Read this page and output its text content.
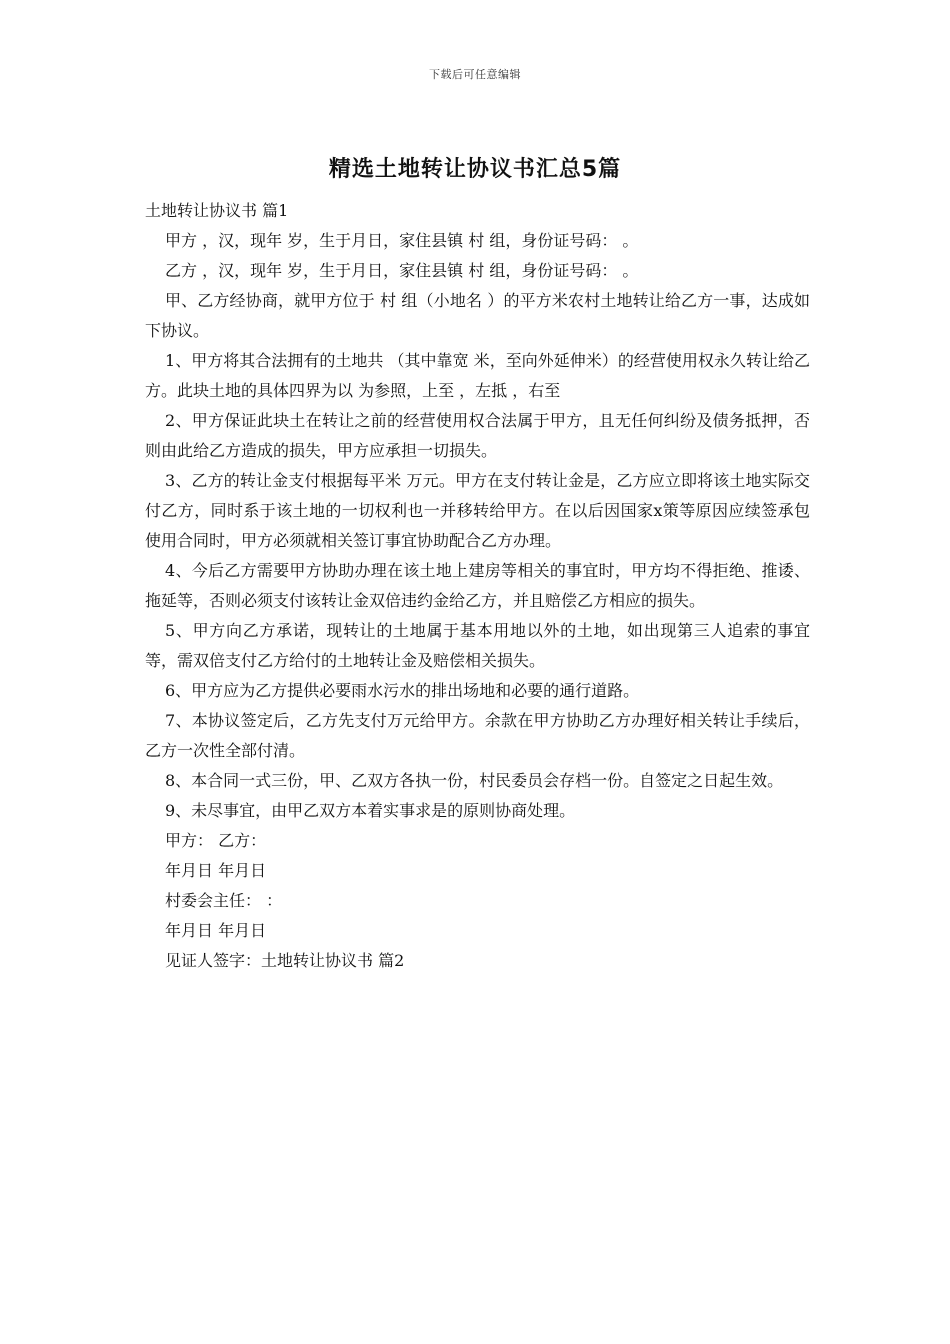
下载后可任意编辑
精选土地转让协议书汇总5篇

土地转让协议书 篇1

甲方 ，汉，现年 岁，生于月日，家住县镇 村 组，身份证号码： 。

乙方 ，汉，现年 岁，生于月日，家住县镇 村 组，身份证号码： 。

甲、乙方经协商，就甲方位于 村 组（小地名 ）的平方米农村土地转让给乙方一事，达成如下协议。

1、甲方将其合法拥有的土地共 （其中靠宽 米，至向外延伸米）的经营使用权永久转让给乙方。此块土地的具体四界为以 为参照，上至 ，左抵 ，右至

2、甲方保证此块土在转让之前的经营使用权合法属于甲方，且无任何纠纷及债务抵押，否则由此给乙方造成的损失，甲方应承担一切损失。

3、乙方的转让金支付根据每平米 万元。甲方在支付转让金是，乙方应立即将该土地实际交付乙方，同时系于该土地的一切权利也一并移转给甲方。在以后因国家x策等原因应续签承包使用合同时，甲方必须就相关签订事宜协助配合乙方办理。

4、今后乙方需要甲方协助办理在该土地上建房等相关的事宜时，甲方均不得拒绝、推诿、拖延等，否则必须支付该转让金双倍违约金给乙方，并且赔偿乙方相应的损失。

5、甲方向乙方承诺，现转让的土地属于基本用地以外的土地，如出现第三人追索的事宜等，需双倍支付乙方给付的土地转让金及赔偿相关损失。

6、甲方应为乙方提供必要雨水污水的排出场地和必要的通行道路。

7、本协议签定后，乙方先支付万元给甲方。余款在甲方协助乙方办理好相关转让手续后，乙方一次性全部付清。

8、本合同一式三份，甲、乙双方各执一份，村民委员会存档一份。自签定之日起生效。

9、未尽事宜，由甲乙双方本着实事求是的原则协商处理。

甲方： 乙方：

年月日 年月日

村委会主任： ：

年月日 年月日

见证人签字：土地转让协议书 篇2
